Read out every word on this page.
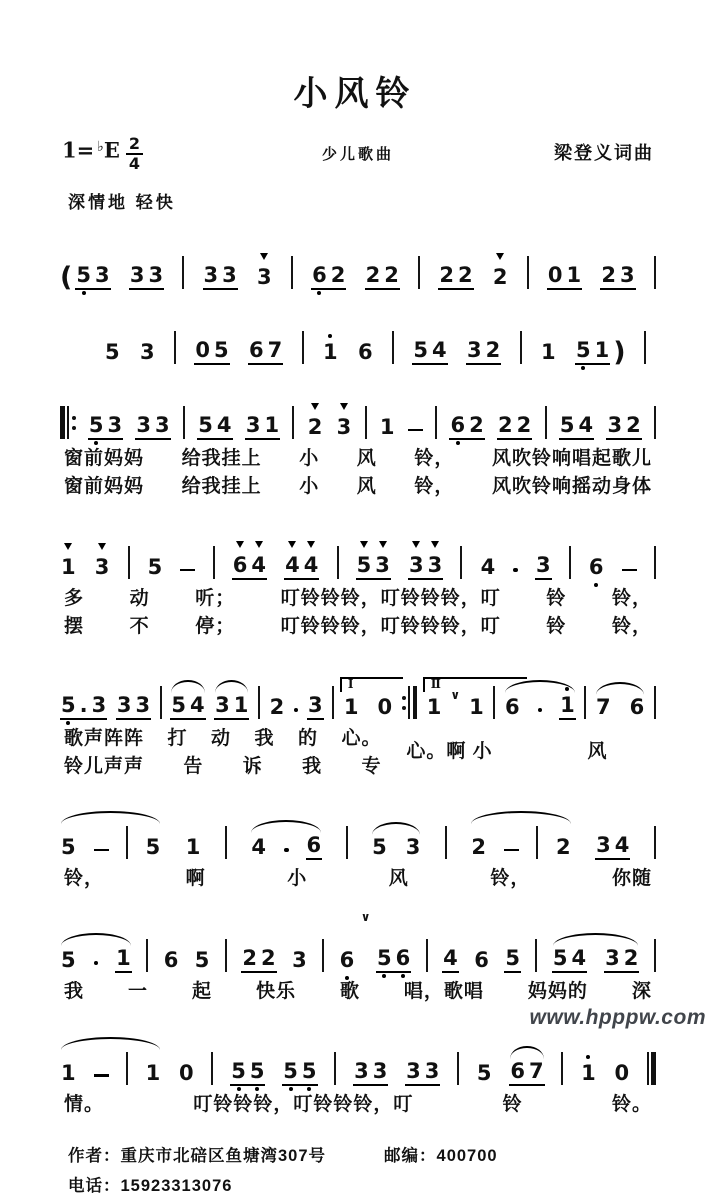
小风铃
$1= ^♭E \frac{2}{4}$	少儿歌曲	梁登义词曲
深情地 轻快
( 5 3 3 3 3 3 3 6 2 2 2 2 2 2 0 1 2 3
5 3 0 5 6 7 1 6 5 4 3 2 1 5 1 )
5 3 3 3 5 4 3 1 2 3 1	6 2 2 2 5 4 3 2
窗前妈妈 给我挂上 小 风 铃， 风吹铃响唱起歌儿
窗前妈妈 给我挂上 小 风 铃， 风吹铃响摇动身体
1 3 5	6 4 4 4 5 3 3 3 4 3 6
多 动 听； 叮铃铃铃，叮铃铃铃，叮 铃 铃，
摆 不 停； 叮铃铃铃，叮铃铃铃，叮 铃 铃，
5 . 3 3 3 5 4 3 1 2 3
Ⅰ
1 0
Ⅱ
1 ∨ 1 6 1 7 6
歌声阵阵 打 动 我 的 心。
铃儿声声 告 诉 我 专
心。啊 小	风
5	5 1 4 6 5 3 2	2 3 4
铃，	啊	小	风	铃，	你随
5 1 6 5 2 2 3 6
∨
5 6 4 6 5 5 4 3 2
我 一 起 快乐 歌 唱，歌唱 妈妈的 深
1	1 0 5 5 5 5 3 3 3 3 5 6 7 1 0
情。	叮铃铃铃，叮铃铃铃，叮	铃	铃。
作者：重庆市北碚区鱼塘湾307号	邮编：400700
电话：15923313076
www.hpppw.com
